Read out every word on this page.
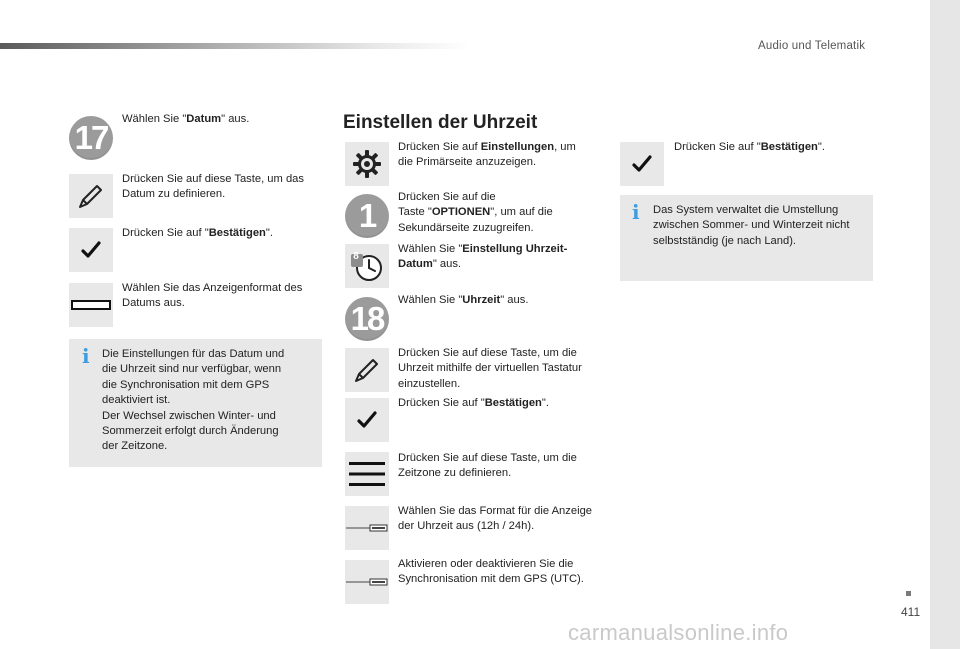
Audio und Telematik
17	Wählen Sie "Datum" aus.
Drücken Sie auf diese Taste, um das Datum zu definieren.
Drücken Sie auf "Bestätigen".
Wählen Sie das Anzeigenformat des Datums aus.
i Die Einstellungen für das Datum und
die Uhrzeit sind nur verfügbar, wenn
die Synchronisation mit dem GPS
deaktiviert ist.
Der Wechsel zwischen Winter- und
Sommerzeit erfolgt durch Änderung
der Zeitzone.
Einstellen der Uhrzeit
Drücken Sie auf Einstellungen, um
die Primärseite anzuzeigen.
1	Drücken Sie auf die
Taste "OPTIONEN", um auf die
Sekundärseite zuzugreifen.
8
Wählen Sie "Einstellung Uhrzeit-
Datum" aus.
18	Wählen Sie "Uhrzeit" aus.
Drücken Sie auf diese Taste, um die Uhrzeit mithilfe der virtuellen Tastatur einzustellen.
Drücken Sie auf "Bestätigen".
Drücken Sie auf diese Taste, um die Zeitzone zu definieren.
Wählen Sie das Format für die Anzeige der Uhrzeit aus (12h / 24h).
Aktivieren oder deaktivieren Sie die Synchronisation mit dem GPS (UTC).
Drücken Sie auf "Bestätigen".
i Das System verwaltet die Umstellung
zwischen Sommer- und Winterzeit nicht
selbstständig (je nach Land).
411
carmanualsonline.info
